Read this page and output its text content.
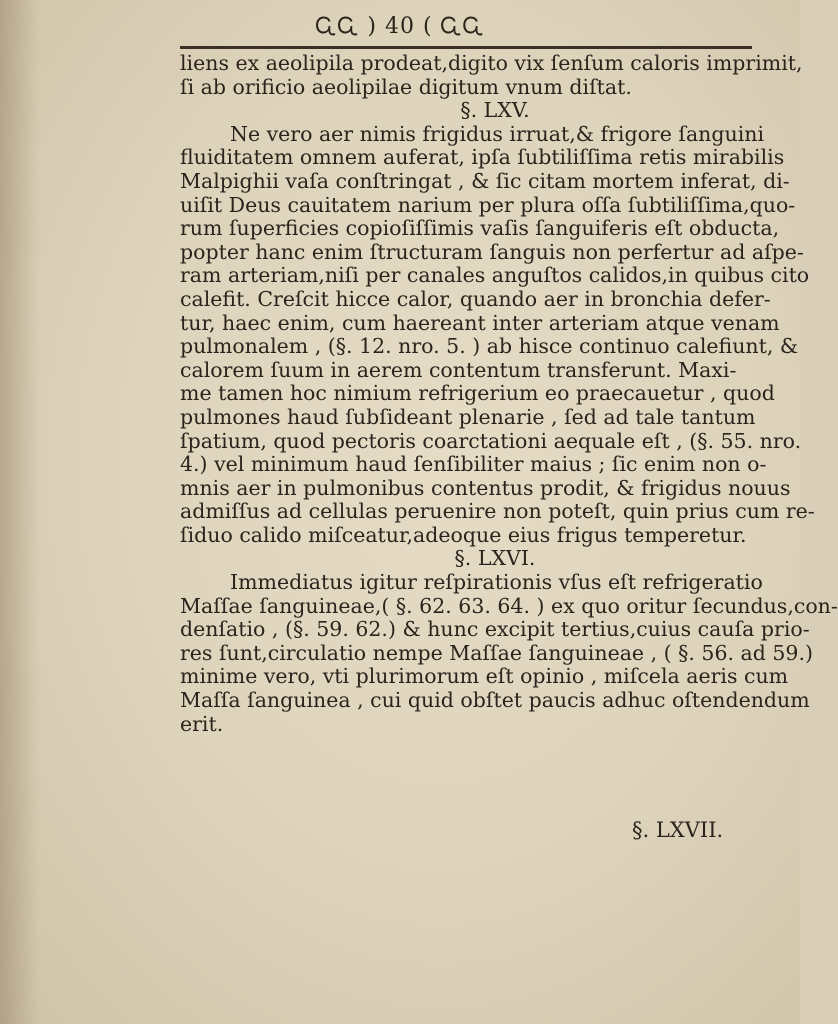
ᏩᏩ ) 40 ( ᏩᏩ
liens ex aeolipila prodeat,digito vix ſenſum caloris imprimit,
ſi ab orificio aeolipilae digitum vnum diſtat.
§. LXV.
Ne vero aer nimis frigidus irruat,& frigore ſanguini
fluiditatem omnem auferat, ipſa ſubtiliſſima retis mirabilis
Malpighii vaſa conſtringat , & ſic citam mortem inferat, di-
uiſit Deus cauitatem narium per plura oſſa ſubtiliſſima,quo-
rum ſuperficies copioſiſſimis vaſis ſanguiferis eſt obducta,
popter hanc enim ſtructuram ſanguis non perfertur ad aſpe-
ram arteriam,niſi per canales anguſtos calidos,in quibus cito
calefit. Creſcit hicce calor, quando aer in bronchia defer-
tur, haec enim, cum haereant inter arteriam atque venam
pulmonalem , (§. 12. nro. 5. ) ab hisce continuo calefiunt, &
calorem ſuum in aerem contentum transferunt. Maxi-
me tamen hoc nimium refrigerium eo praecauetur , quod
pulmones haud ſubſideant plenarie , ſed ad tale tantum
ſpatium, quod pectoris coarctationi aequale eſt , (§. 55. nro.
4.) vel minimum haud ſenſibiliter maius ; ſic enim non o-
mnis aer in pulmonibus contentus prodit, & frigidus nouus
admiſſus ad cellulas peruenire non poteſt, quin prius cum re-
ſiduo calido miſceatur,adeoque eius frigus temperetur.
§. LXVI.
Immediatus igitur reſpirationis vſus eſt refrigeratio
Maſſae ſanguineae,( §. 62. 63. 64. ) ex quo oritur ſecundus,con-
denſatio , (§. 59. 62.) & hunc excipit tertius,cuius cauſa prio-
res ſunt,circulatio nempe Maſſae ſanguineae , ( §. 56. ad 59.)
minime vero, vti plurimorum eſt opinio , miſcela aeris cum
Maſſa ſanguinea , cui quid obſtet paucis adhuc oſtendendum
erit.
§. LXVII.
